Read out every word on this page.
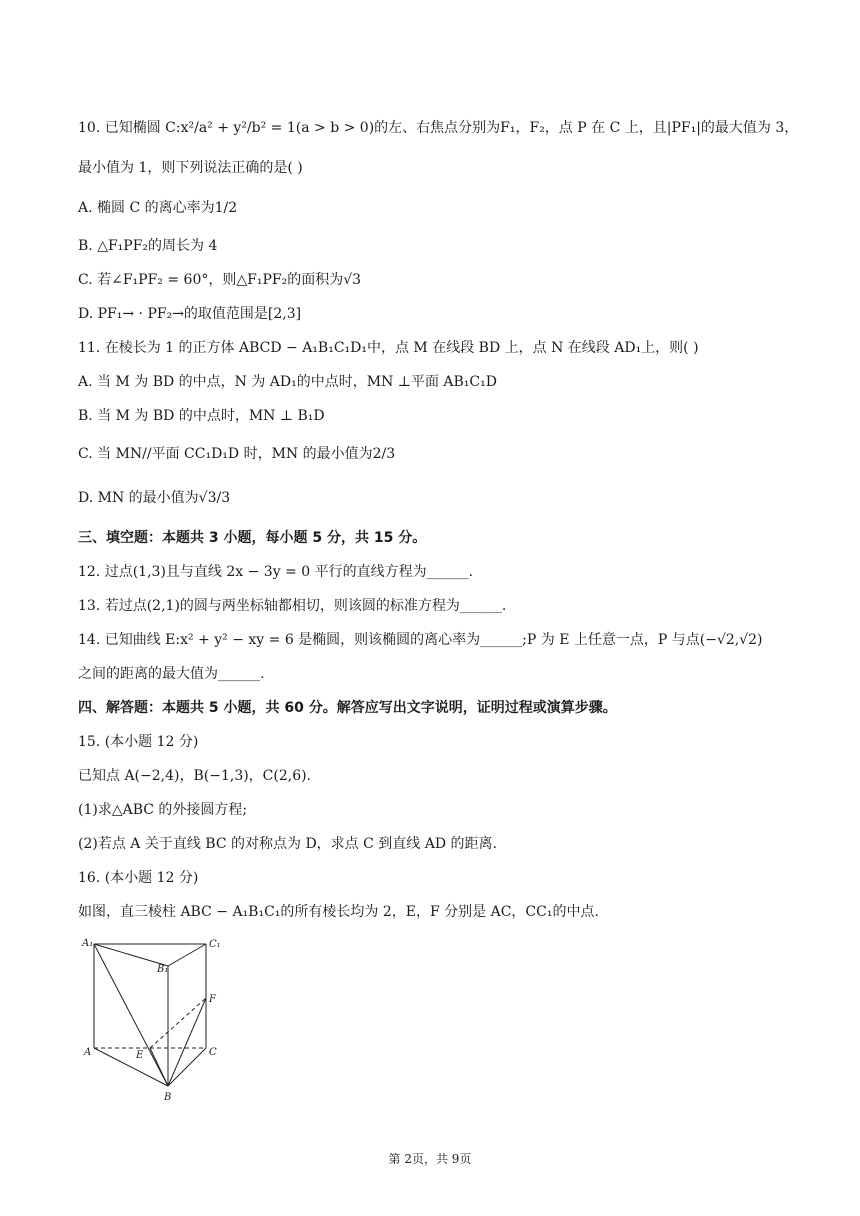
10. 已知椭圆 C:x²/a² + y²/b² = 1(a > b > 0)的左、右焦点分别为F₁，F₂，点 P 在 C 上，且|PF₁|的最大值为 3，
最小值为 1，则下列说法正确的是( )
A. 椭圆 C 的离心率为1/2
B. △F₁PF₂的周长为 4
C. 若∠F₁PF₂ = 60°，则△F₁PF₂的面积为√3
D. PF₁→ · PF₂→的取值范围是[2,3]
11. 在棱长为 1 的正方体 ABCD − A₁B₁C₁D₁中，点 M 在线段 BD 上，点 N 在线段 AD₁上，则( )
A. 当 M 为 BD 的中点，N 为 AD₁的中点时，MN ⊥平面 AB₁C₁D
B. 当 M 为 BD 的中点时，MN ⊥ B₁D
C. 当 MN//平面 CC₁D₁D 时，MN 的最小值为2/3
D. MN 的最小值为√3/3
三、填空题：本题共 3 小题，每小题 5 分，共 15 分。
12. 过点(1,3)且与直线 2x − 3y = 0 平行的直线方程为______.
13. 若过点(2,1)的圆与两坐标轴都相切，则该圆的标准方程为______.
14. 已知曲线 E:x² + y² − xy = 6 是椭圆，则该椭圆的离心率为______;P 为 E 上任意一点，P 与点(−√2,√2)
之间的距离的最大值为______.
四、解答题：本题共 5 小题，共 60 分。解答应写出文字说明，证明过程或演算步骤。
15. (本小题 12 分)
已知点 A(−2,4)，B(−1,3)，C(2,6).
(1)求△ABC 的外接圆方程;
(2)若点 A 关于直线 BC 的对称点为 D，求点 C 到直线 AD 的距离.
16. (本小题 12 分)
如图，直三棱柱 ABC − A₁B₁C₁的所有棱长均为 2，E，F 分别是 AC，CC₁的中点.
A₁	C₁
B₁
F
A	E	C
B
第 2页，共 9页
